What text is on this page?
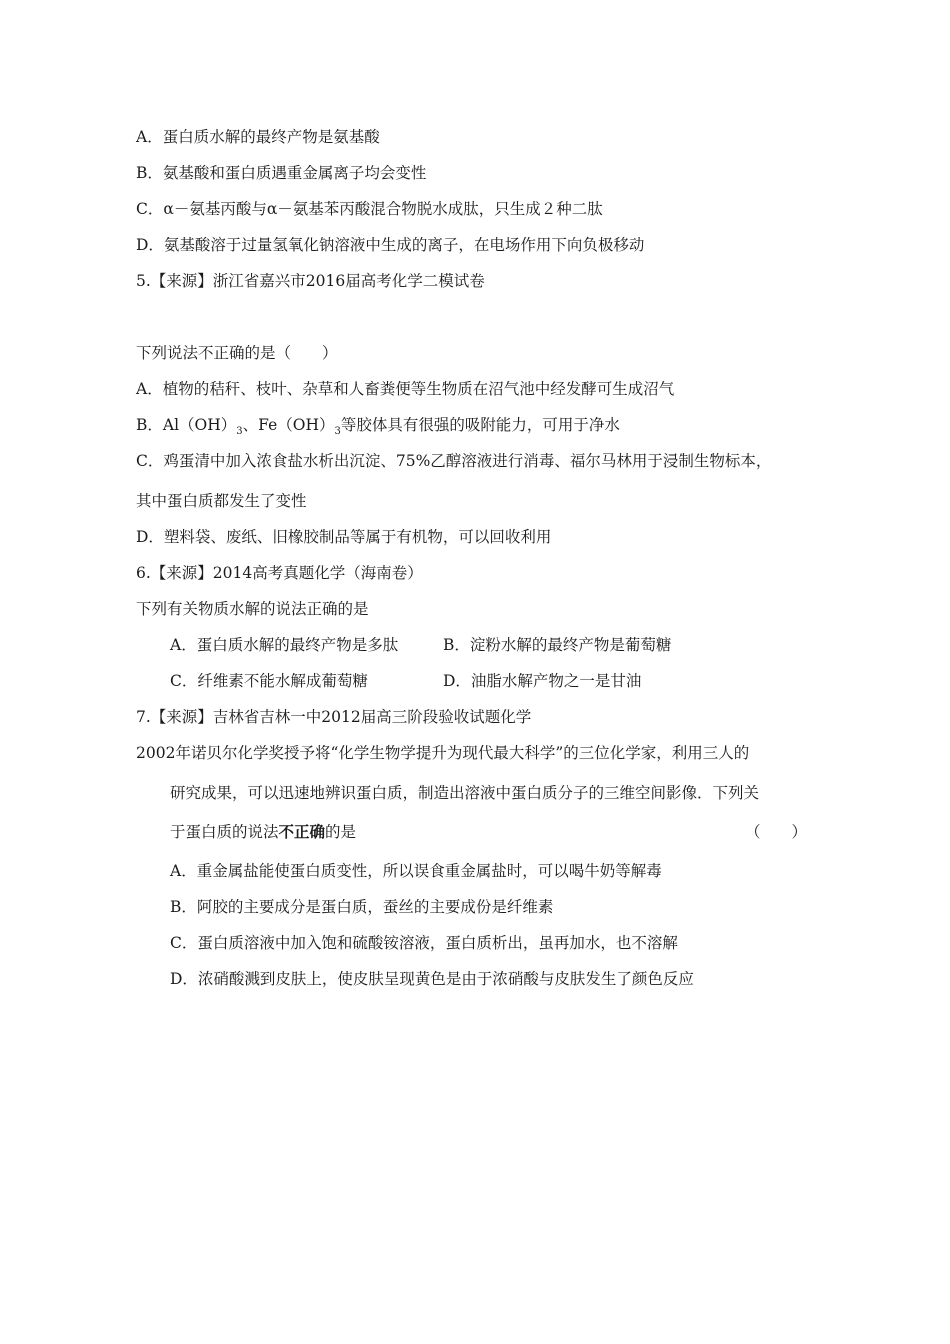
A．蛋白质水解的最终产物是氨基酸
B．氨基酸和蛋白质遇重金属离子均会变性
C．α－氨基丙酸与α－氨基苯丙酸混合物脱水成肽，只生成２种二肽
D．氨基酸溶于过量氢氧化钠溶液中生成的离子，在电场作用下向负极移动
5.【来源】浙江省嘉兴市2016届高考化学二模试卷
下列说法不正确的是（　　）
A．植物的秸秆、枝叶、杂草和人畜粪便等生物质在沼气池中经发酵可生成沼气
B．$Al(OH)_3$、$Fe(OH)_3$等胶体具有很强的吸附能力，可用于净水
C．鸡蛋清中加入浓食盐水析出沉淀、75%乙醇溶液进行消毒、福尔马林用于浸制生物标本，
其中蛋白质都发生了变性
D．塑料袋、废纸、旧橡胶制品等属于有机物，可以回收利用
6.【来源】2014高考真题化学（海南卷）
下列有关物质水解的说法正确的是
A．蛋白质水解的最终产物是多肽	B．淀粉水解的最终产物是葡萄糖
C．纤维素不能水解成葡萄糖	D．油脂水解产物之一是甘油
7.【来源】吉林省吉林一中2012届高三阶段验收试题化学
2002年诺贝尔化学奖授予将“化学生物学提升为现代最大科学”的三位化学家，利用三人的
研究成果，可以迅速地辨识蛋白质，制造出溶液中蛋白质分子的三维空间影像．下列关
于蛋白质的说法不正确的是	（　　）
A．重金属盐能使蛋白质变性，所以误食重金属盐时，可以喝牛奶等解毒
B．阿胶的主要成分是蛋白质，蚕丝的主要成份是纤维素
C．蛋白质溶液中加入饱和硫酸铵溶液，蛋白质析出，虽再加水，也不溶解
D．浓硝酸溅到皮肤上，使皮肤呈现黄色是由于浓硝酸与皮肤发生了颜色反应
